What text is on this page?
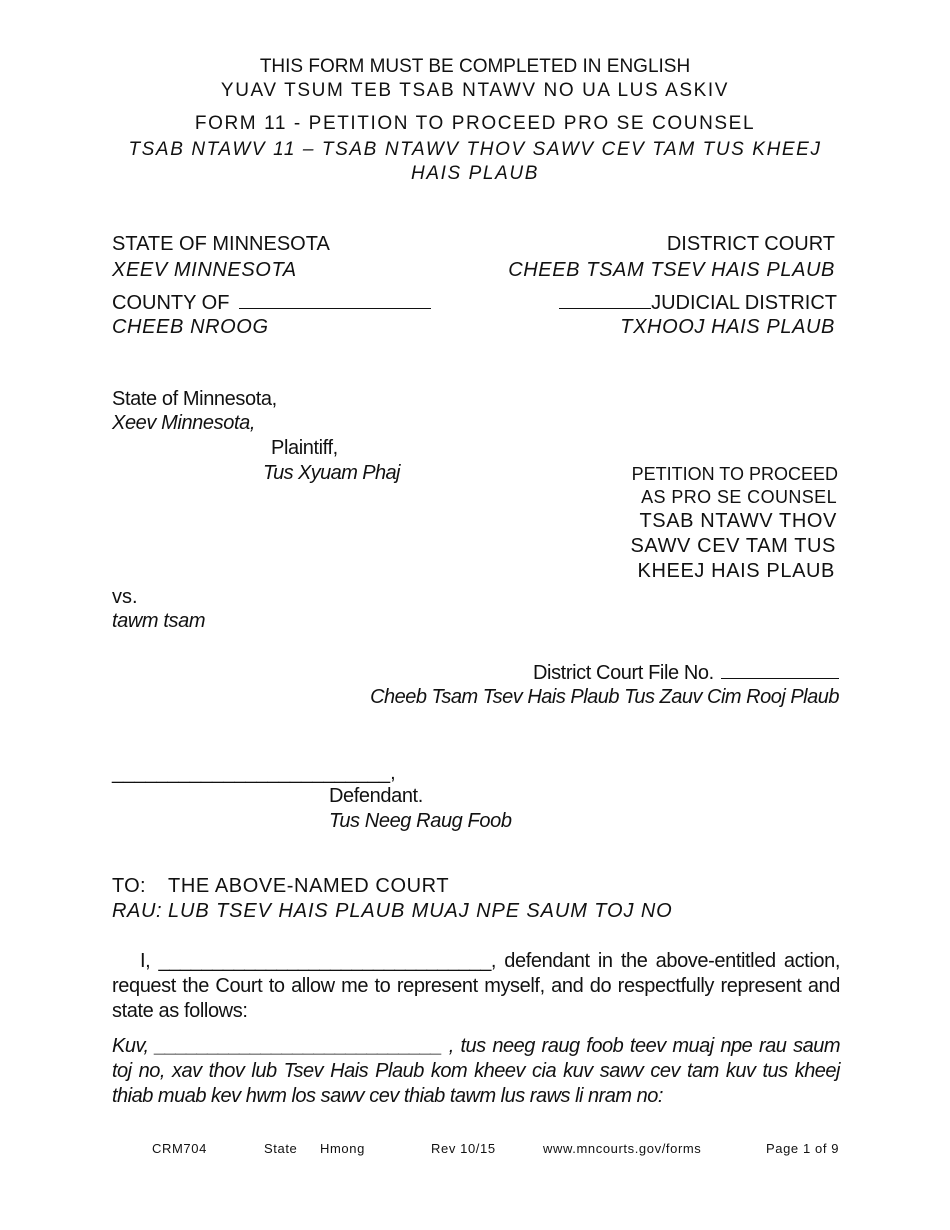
THIS FORM MUST BE COMPLETED IN ENGLISH
YUAV TSUM TEB TSAB NTAWV NO UA LUS ASKIV
FORM 11 - PETITION TO PROCEED PRO SE COUNSEL
TSAB NTAWV 11 – TSAB NTAWV THOV SAWV CEV TAM TUS KHEEJ
HAIS PLAUB
STATE OF MINNESOTA
XEEV MINNESOTA
DISTRICT COURT
CHEEB TSAM TSEV HAIS PLAUB
COUNTY OF
CHEEB NROOG
JUDICIAL DISTRICT
TXHOOJ HAIS PLAUB
State of Minnesota,
Xeev Minnesota,
Plaintiff,
Tus Xyuam Phaj	PETITION TO PROCEED
AS PRO SE COUNSEL
TSAB NTAWV THOV
SAWV CEV TAM TUS
KHEEJ HAIS PLAUB
vs.
tawm tsam
District Court File No.
Cheeb Tsam Tsev Hais Plaub Tus Zauv Cim Rooj Plaub
_________________________,
Defendant.
Tus Neeg Raug Foob
TO: THE ABOVE-NAMED COURT
RAU: LUB TSEV HAIS PLAUB MUAJ NPE SAUM TOJ NO
I, _______________________________, defendant in the above-entitled action, request the Court to allow me to represent myself, and do respectfully represent and state as follows:
Kuv, ___________________________ , tus neeg raug foob teev muaj npe rau saum toj no, xav thov lub Tsev Hais Plaub kom kheev cia kuv sawv cev tam kuv tus kheej thiab muab kev hwm los sawv cev thiab tawm lus raws li nram no:
CRM704	State Hmong	Rev 10/15	www.mncourts.gov/forms	Page 1 of 9
